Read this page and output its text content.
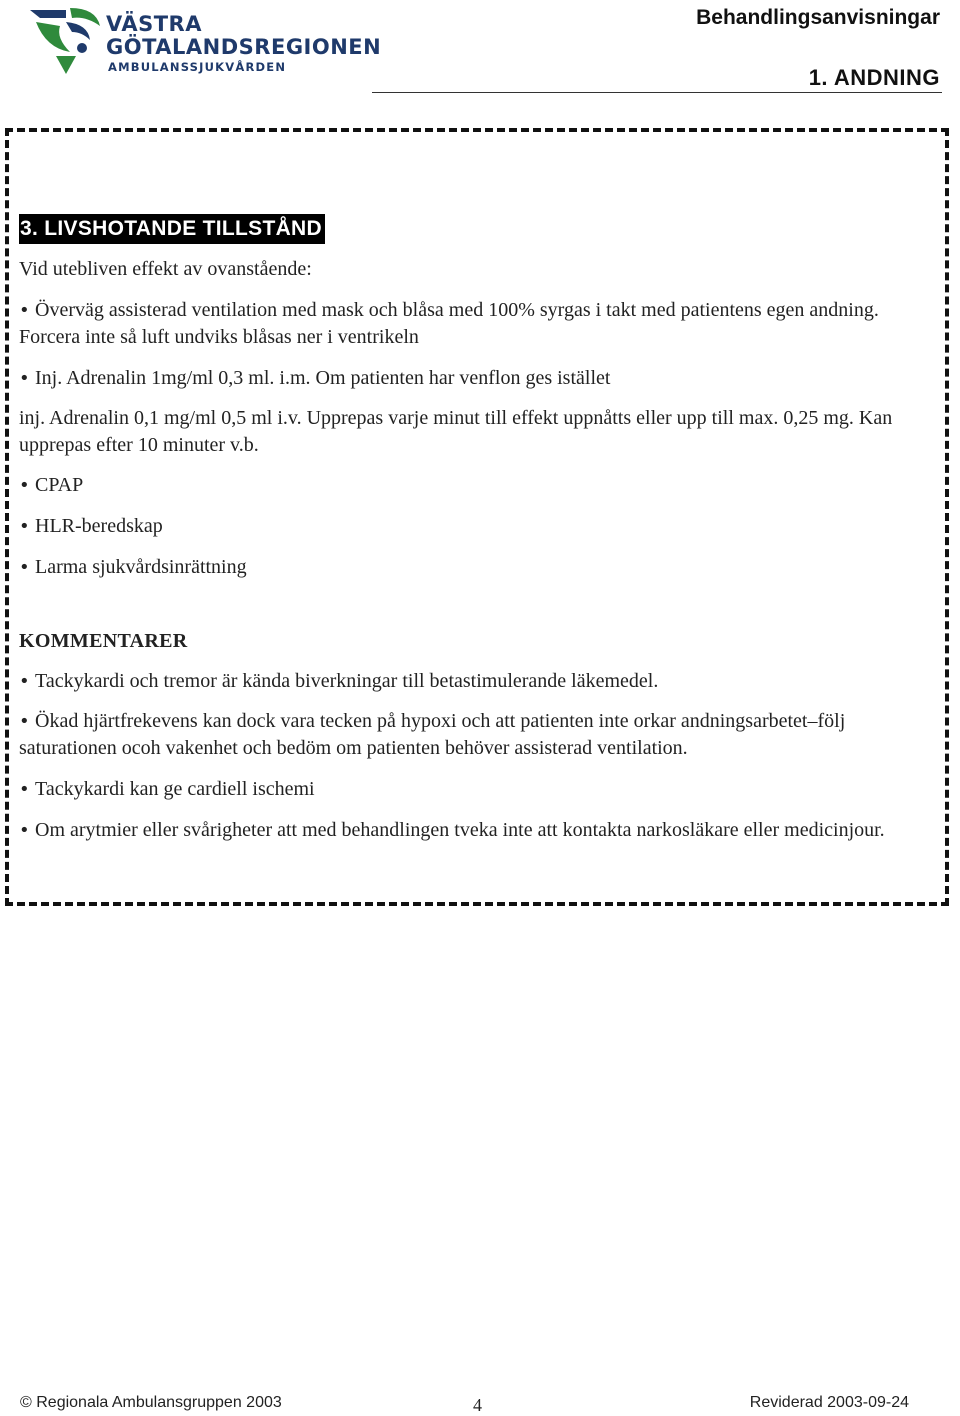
VÄSTRA
GÖTALANDSREGIONEN
AMBULANSSJUKVÅRDEN
Behandlingsanvisningar
1. ANDNING
3. LIVSHOTANDE TILLSTÅND

Vid utebliven effekt av ovanstående:

•Överväg assisterad ventilation med mask och blåsa med 100% syrgas i takt med patientens egen andning. Forcera inte så luft undviks blåsas ner i ventrikeln

•Inj. Adrenalin 1mg/ml 0,3 ml. i.m. Om patienten har venflon ges istället

inj. Adrenalin 0,1 mg/ml 0,5 ml i.v. Upprepas varje minut till effekt uppnåtts eller upp till max. 0,25 mg. Kan upprepas efter 10 minuter v.b.

•CPAP

•HLR-beredskap

•Larma sjukvårdsinrättning

KOMMENTARER

•Tackykardi och tremor är kända biverkningar till betastimulerande läkemedel.

•Ökad hjärtfrekevens kan dock vara tecken på hypoxi och att patienten inte orkar andningsarbetet–följ saturationen ocoh vakenhet och bedöm om patienten behöver assisterad ventilation.

•Tackykardi kan ge cardiell ischemi

•Om arytmier eller svårigheter att med behandlingen tveka inte att kontakta narkosläkare eller medicinjour.

© Regionala Ambulansgruppen 2003	4	Reviderad 2003-09-24
